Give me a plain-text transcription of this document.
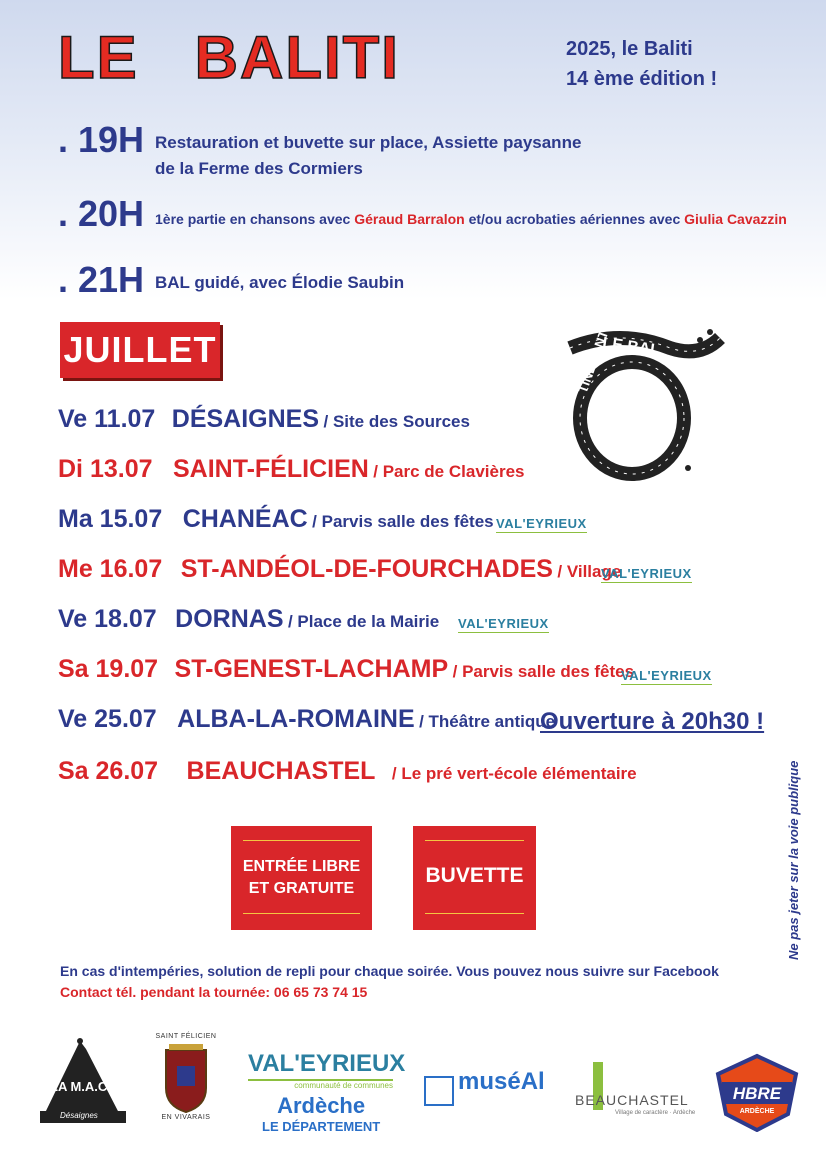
LE   BALITI	2025, le Baliti
14 ème édition !
. 19H Restauration et buvette sur place, Assiette paysanne
de la Ferme des Cormiers
. 20H 1ère partie en chansons avec Géraud Barralon et/ou acrobaties aériennes avec Giulia Cavazzin
. 21H BAL guidé, avec Élodie Saubin
JUILLET	LE BAL
TINERANT
Ve 11.07 DÉSAIGNES / Site des Sources
Di 13.07 SAINT-FÉLICIEN / Parc de Clavières
Ma 15.07 CHANÉAC / Parvis salle des fêtes VAL'EYRIEUX
Me 16.07 ST-ANDÉOL-DE-FOURCHADES / Village
VAL'EYRIEUX
Ve 18.07 DORNAS / Place de la Mairie VAL'EYRIEUX
Sa 19.07 ST-GENEST-LACHAMP / Parvis salle des fêtes
VAL'EYRIEUX
Ve 25.07 ALBA-LA-ROMAINE / Théâtre antique
Ouverture à 20h30 !
Sa 26.07 BEAUCHASTEL / Le pré vert-école élémentaire	Ne pas jeter sur la voie publique
ENTRÉE LIBRE
ET GRATUITE
BUVETTE
En cas d'intempéries, solution de repli pour chaque soirée. Vous pouvez nous suivre sur Facebook
Contact tél. pendant la tournée: 06 65 73 74 15
LA M.A.C.
Désaignes
SAINT FÉLICIEN
EN VIVARAIS
VAL'EYRIEUX
communauté de communes
Ardèche
LE DÉPARTEMENT
muséAl
BEAUCHASTEL
Village de caractère · Ardèche
HBRE
ARDÈCHE
